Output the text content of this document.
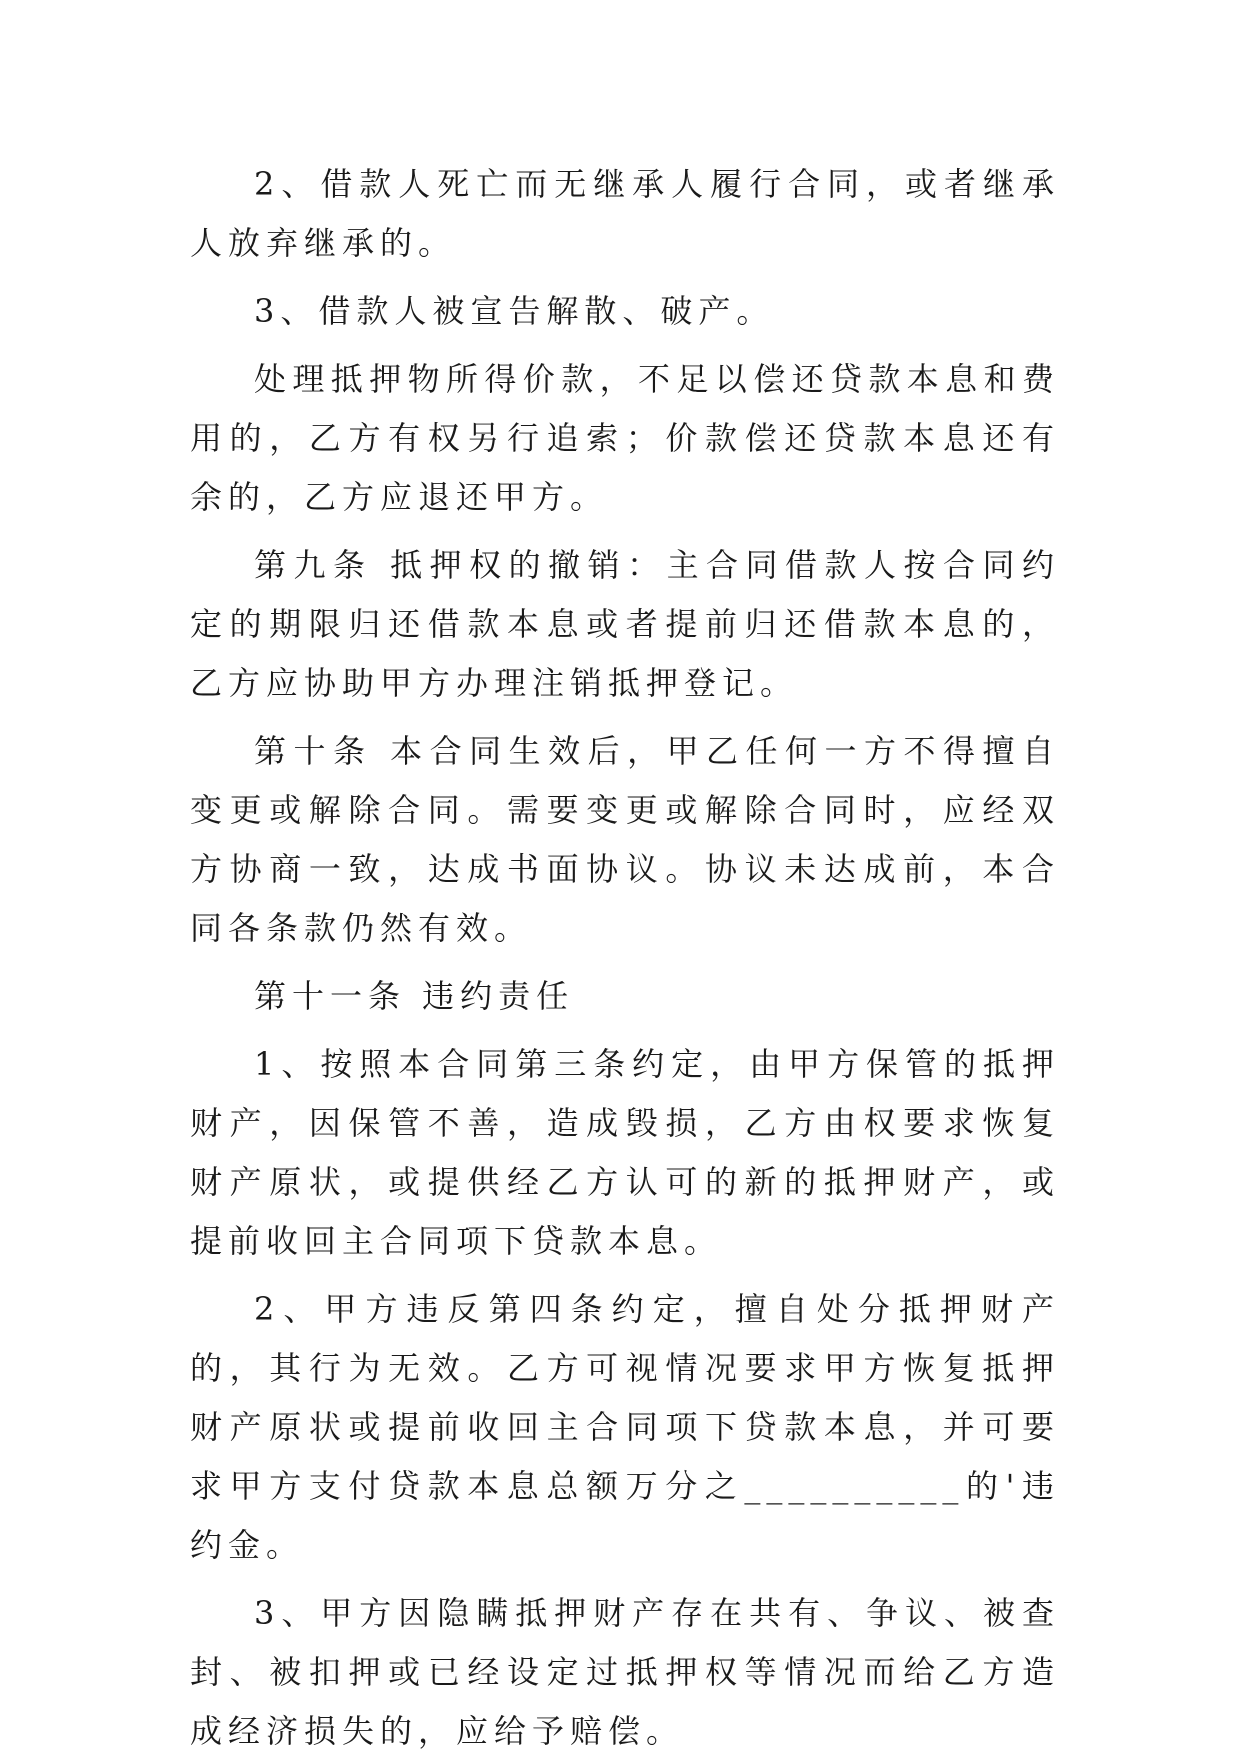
2、借款人死亡而无继承人履行合同，或者继承人放弃继承的。

3、借款人被宣告解散、破产。

处理抵押物所得价款，不足以偿还贷款本息和费用的，乙方有权另行追索；价款偿还贷款本息还有余的，乙方应退还甲方。

第九条 抵押权的撤销：主合同借款人按合同约定的期限归还借款本息或者提前归还借款本息的，乙方应协助甲方办理注销抵押登记。

第十条 本合同生效后，甲乙任何一方不得擅自变更或解除合同。需要变更或解除合同时，应经双方协商一致，达成书面协议。协议未达成前，本合同各条款仍然有效。

第十一条 违约责任

1、按照本合同第三条约定，由甲方保管的抵押财产，因保管不善，造成毁损，乙方由权要求恢复财产原状，或提供经乙方认可的新的抵押财产，或提前收回主合同项下贷款本息。

2、甲方违反第四条约定，擅自处分抵押财产的，其行为无效。乙方可视情况要求甲方恢复抵押财产原状或提前收回主合同项下贷款本息，并可要求甲方支付贷款本息总额万分之__________的'违约金。

3、甲方因隐瞒抵押财产存在共有、争议、被查封、被扣押或已经设定过抵押权等情况而给乙方造成经济损失的，应给予赔偿。
